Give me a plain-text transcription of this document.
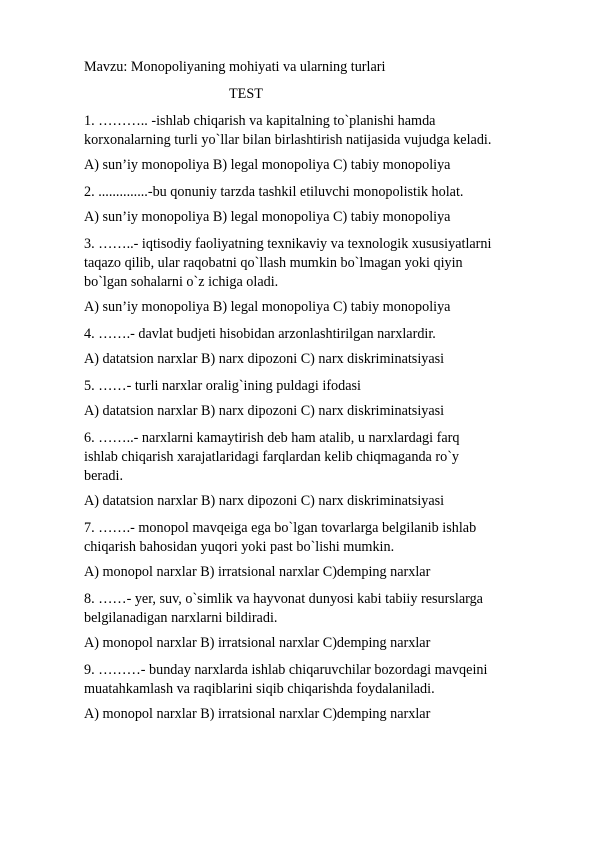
Mavzu: Monopoliyaning mohiyati va ularning turlari

TEST

1. ……….. -ishlab chiqarish va kapitalning to`planishi hamda
korxonalarning turli yo`llar bilan birlashtirish natijasida vujudga keladi.

A) sun’iy monopoliya B) legal monopoliya C) tabiy monopoliya

2. ..............-bu qonuniy tarzda tashkil etiluvchi monopolistik holat.

A) sun’iy monopoliya B) legal monopoliya C) tabiy monopoliya

3. ……..- iqtisodiy faoliyatning texnikaviy va texnologik xususiyatlarni
taqazo qilib, ular raqobatni qo`llash mumkin bo`lmagan yoki qiyin
bo`lgan sohalarni o`z ichiga oladi.

A) sun’iy monopoliya B) legal monopoliya C) tabiy monopoliya

4. …….- davlat budjeti hisobidan arzonlashtirilgan narxlardir.

A) datatsion narxlar B) narx dipozoni C) narx diskriminatsiyasi

5. ……- turli narxlar oralig`ining puldagi ifodasi

A) datatsion narxlar B) narx dipozoni C) narx diskriminatsiyasi

6. ……..- narxlarni kamaytirish deb ham atalib, u narxlardagi farq
ishlab chiqarish xarajatlaridagi farqlardan kelib chiqmaganda ro`y
beradi.

A) datatsion narxlar B) narx dipozoni C) narx diskriminatsiyasi

7. …….- monopol mavqeiga ega bo`lgan tovarlarga belgilanib ishlab
chiqarish bahosidan yuqori yoki past bo`lishi mumkin.

A) monopol narxlar B) irratsional narxlar C)demping narxlar

8. ……- yer, suv, o`simlik va hayvonat dunyosi kabi tabiiy resurslarga
belgilanadigan narxlarni bildiradi.

A) monopol narxlar B) irratsional narxlar C)demping narxlar

9. ………- bunday narxlarda ishlab chiqaruvchilar bozordagi mavqeini
muatahkamlash va raqiblarini siqib chiqarishda foydalaniladi.

A) monopol narxlar B) irratsional narxlar C)demping narxlar
